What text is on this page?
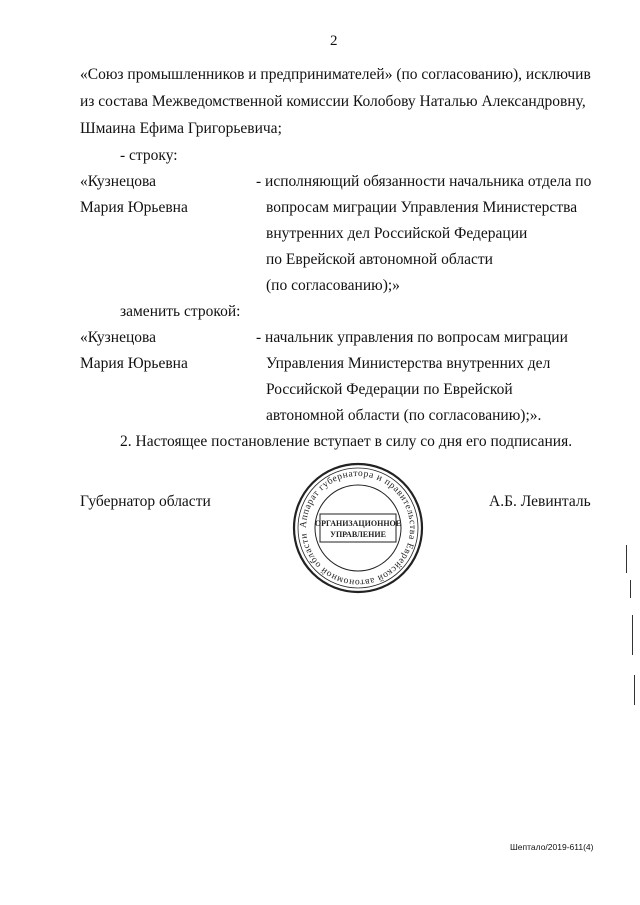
2
«Союз промышленников и предпринимателей» (по согласованию), исключив
из состава Межведомственной комиссии Колобову Наталью Александровну,
Шмаина Ефима Григорьевича;
- строку:
«Кузнецова
Мария Юрьевна
- исполняющий обязанности начальника отдела по
вопросам миграции Управления Министерства
внутренних дел Российской Федерации
по Еврейской автономной области
(по согласованию);»
заменить строкой:
«Кузнецова
Мария Юрьевна
- начальник управления по вопросам миграции
Управления Министерства внутренних дел
Российской Федерации по Еврейской
автономной области (по согласованию);».
2. Настоящее постановление вступает в силу со дня его подписания.
Губернатор области	А.Б. Левинталь
Аппарат губернатора и правительства Еврейской автономной области
ОРГАНИЗАЦИОННОЕ
УПРАВЛЕНИЕ
Шептало/2019-611(4)
